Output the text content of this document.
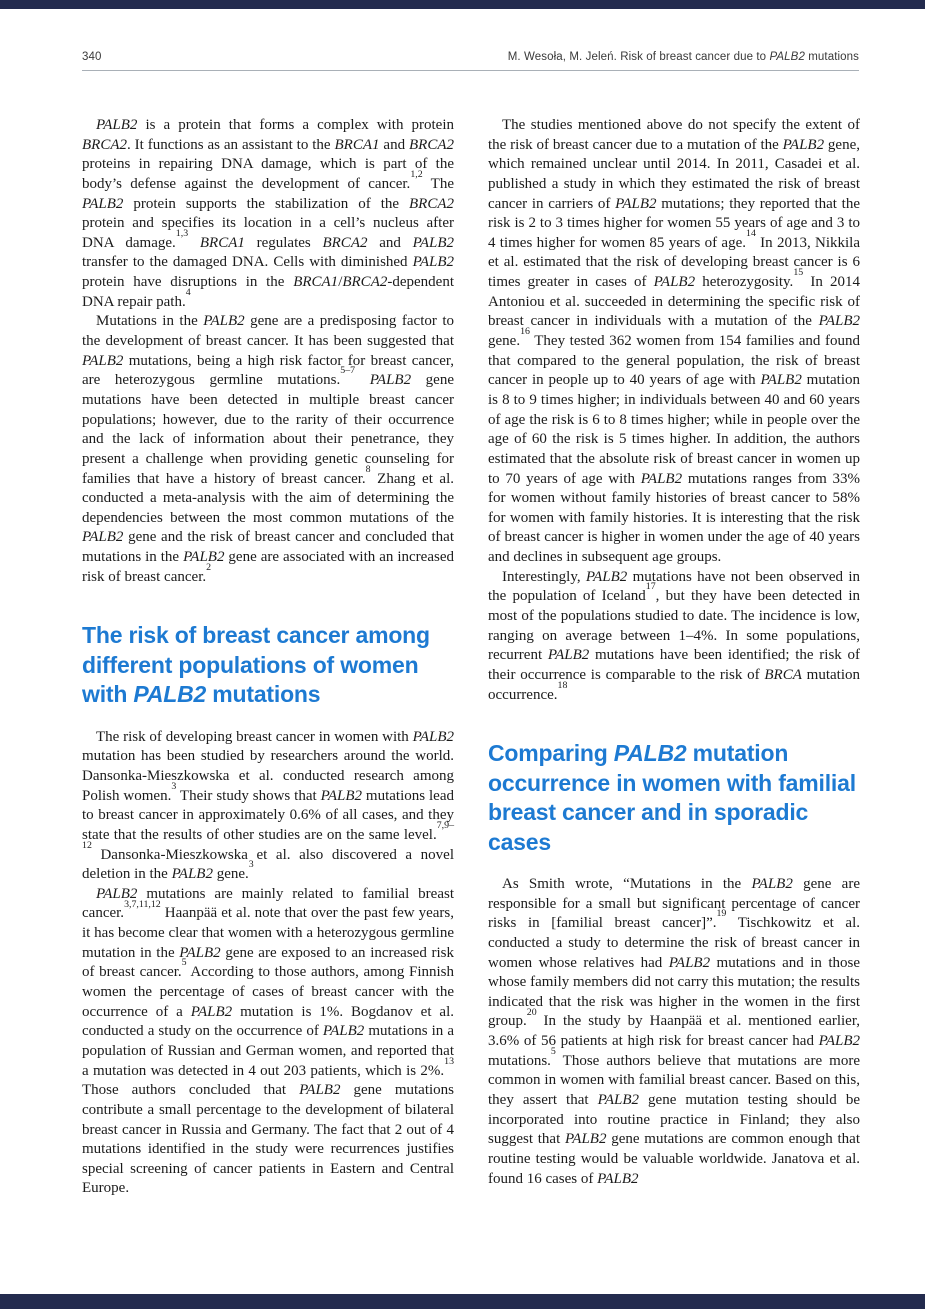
340	M. Wesoła, M. Jeleń. Risk of breast cancer due to PALB2 mutations

PALB2 is a protein that forms a complex with protein BRCA2. It functions as an assistant to the BRCA1 and BRCA2 proteins in repairing DNA damage, which is part of the body’s defense against the development of cancer.$^{1,2}$ The PALB2 protein supports the stabilization of the BRCA2 protein and specifies its location in a cell’s nucleus after DNA damage.$^{1,3}$ BRCA1 regulates BRCA2 and PALB2 transfer to the damaged DNA. Cells with diminished PALB2 protein have disruptions in the BRCA1/BRCA2-dependent DNA repair path.$^4$

Mutations in the PALB2 gene are a predisposing factor to the development of breast cancer. It has been suggested that PALB2 mutations, being a high risk factor for breast cancer, are heterozygous germline mutations.$^{5-7}$ PALB2 gene mutations have been detected in multiple breast cancer populations; however, due to the rarity of their occurrence and the lack of information about their penetrance, they present a challenge when providing genetic counseling for families that have a history of breast cancer.$^8$ Zhang et al. conducted a meta-analysis with the aim of determining the dependencies between the most common mutations of the PALB2 gene and the risk of breast cancer and concluded that mutations in the PALB2 gene are associated with an increased risk of breast cancer.$^2$

The risk of breast cancer among different populations of women with PALB2 mutations

The risk of developing breast cancer in women with PALB2 mutation has been studied by researchers around the world. Dansonka-Mieszkowska et al. conducted research among Polish women.$^3$ Their study shows that PALB2 mutations lead to breast cancer in approximately 0.6% of all cases, and they state that the results of other studies are on the same level.$^{7,9-12}$ Dansonka-Mieszkowska et al. also discovered a novel deletion in the PALB2 gene.$^3$

PALB2 mutations are mainly related to familial breast cancer.$^{3,7,11,12}$ Haanpää et al. note that over the past few years, it has become clear that women with a heterozygous germline mutation in the PALB2 gene are exposed to an increased risk of breast cancer.$^5$ According to those authors, among Finnish women the percentage of cases of breast cancer with the occurrence of a PALB2 mutation is 1%. Bogdanov et al. conducted a study on the occurrence of PALB2 mutations in a population of Russian and German women, and reported that a mutation was detected in 4 out 203 patients, which is 2%.$^{13}$ Those authors concluded that PALB2 gene mutations contribute a small percentage to the development of bilateral breast cancer in Russia and Germany. The fact that 2 out of 4 mutations identified in the study were recurrences justifies special screening of cancer patients in Eastern and Central Europe.

The studies mentioned above do not specify the extent of the risk of breast cancer due to a mutation of the PALB2 gene, which remained unclear until 2014. In 2011, Casadei et al. published a study in which they estimated the risk of breast cancer in carriers of PALB2 mutations; they reported that the risk is 2 to 3 times higher for women 55 years of age and 3 to 4 times higher for women 85 years of age.$^{14}$ In 2013, Nikkila et al. estimated that the risk of developing breast cancer is 6 times greater in cases of PALB2 heterozygosity.$^{15}$ In 2014 Antoniou et al. succeeded in determining the specific risk of breast cancer in individuals with a mutation of the PALB2 gene.$^{16}$ They tested 362 women from 154 families and found that compared to the general population, the risk of breast cancer in people up to 40 years of age with PALB2 mutation is 8 to 9 times higher; in individuals between 40 and 60 years of age the risk is 6 to 8 times higher; while in people over the age of 60 the risk is 5 times higher. In addition, the authors estimated that the absolute risk of breast cancer in women up to 70 years of age with PALB2 mutations ranges from 33% for women without family histories of breast cancer to 58% for women with family histories. It is interesting that the risk of breast cancer is higher in women under the age of 40 years and declines in subsequent age groups.

Interestingly, PALB2 mutations have not been observed in the population of Iceland$^{17}$, but they have been detected in most of the populations studied to date. The incidence is low, ranging on average between 1–4%. In some populations, recurrent PALB2 mutations have been identified; the risk of their occurrence is comparable to the risk of BRCA mutation occurrence.$^{18}$

Comparing PALB2 mutation occurrence in women with familial breast cancer and in sporadic cases

As Smith wrote, “Mutations in the PALB2 gene are responsible for a small but significant percentage of cancer risks in [familial breast cancer]”.$^{19}$ Tischkowitz et al. conducted a study to determine the risk of breast cancer in women whose relatives had PALB2 mutations and in those whose family members did not carry this mutation; the results indicated that the risk was higher in the women in the first group.$^{20}$ In the study by Haanpää et al. mentioned earlier, 3.6% of 56 patients at high risk for breast cancer had PALB2 mutations.$^5$ Those authors believe that mutations are more common in women with familial breast cancer. Based on this, they assert that PALB2 gene mutation testing should be incorporated into routine practice in Finland; they also suggest that PALB2 gene mutations are common enough that routine testing would be valuable worldwide. Janatova et al. found 16 cases of PALB2
